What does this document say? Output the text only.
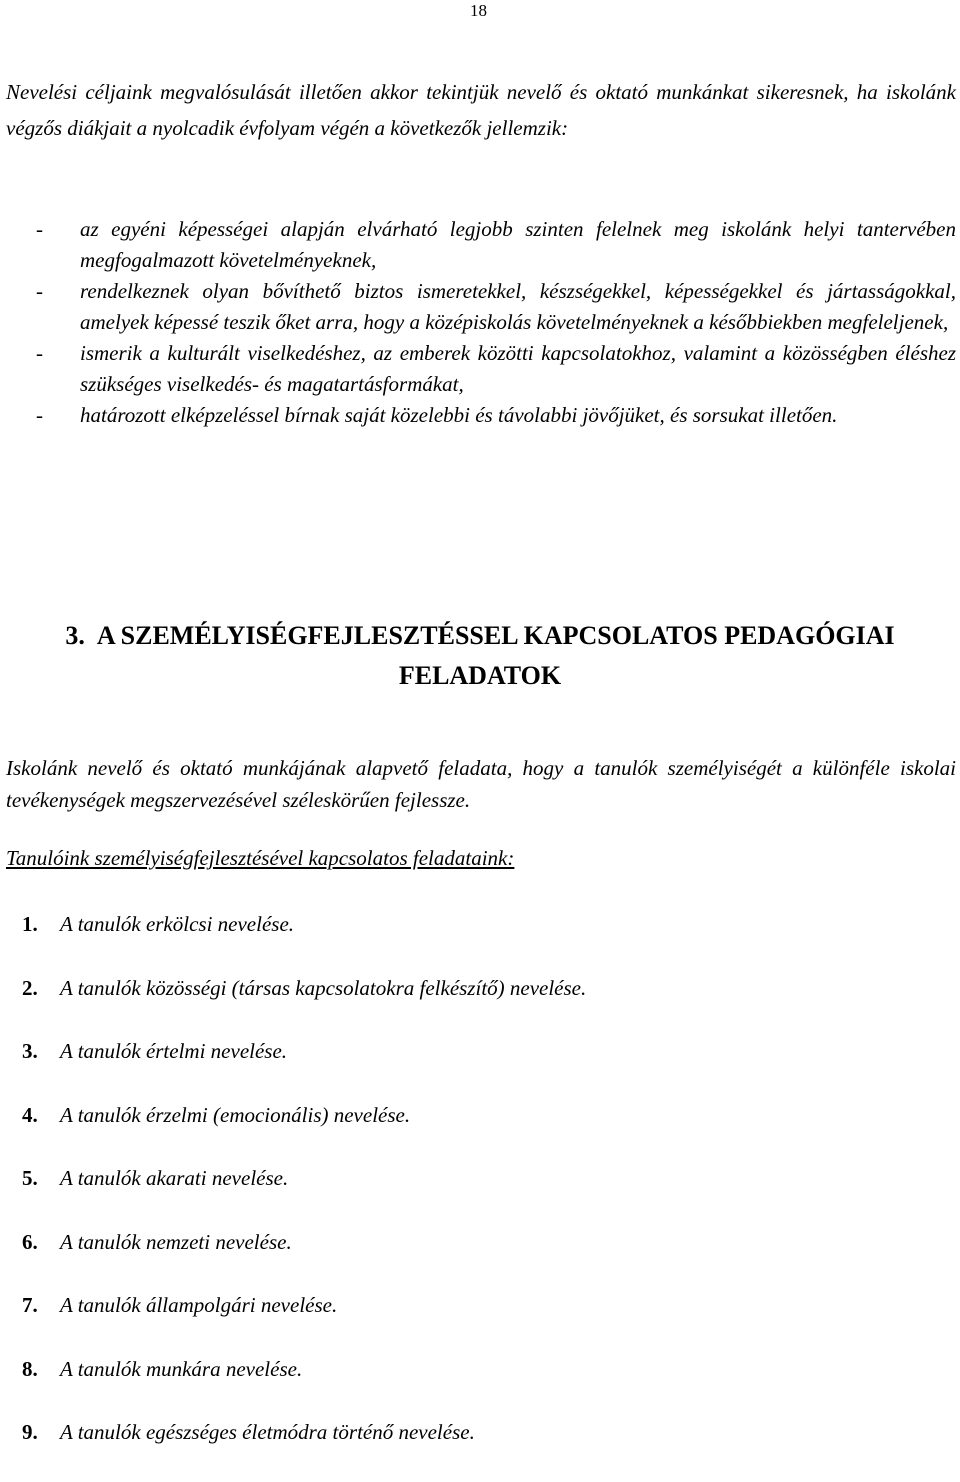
18

Nevelési céljaink megvalósulását illetően akkor tekintjük nevelő és oktató munkánkat sikeresnek, ha iskolánk végzős diákjait a nyolcadik évfolyam végén a következők jellemzik:

- az egyéni képességei alapján elvárható legjobb szinten felelnek meg iskolánk helyi tantervében megfogalmazott követelményeknek,
- rendelkeznek olyan bővíthető biztos ismeretekkel, készségekkel, képességekkel és jártasságokkal, amelyek képessé teszik őket arra, hogy a középiskolás követelményeknek a későbbiekben megfeleljenek,
- ismerik a kulturált viselkedéshez, az emberek közötti kapcsolatokhoz, valamint a közösségben éléshez szükséges viselkedés- és magatartásformákat,
- határozott elképzeléssel bírnak saját közelebbi és távolabbi jövőjüket, és sorsukat illetően.
3. A SZEMÉLYISÉGFEJLESZTÉSSEL KAPCSOLATOS PEDAGÓGIAI
FELADATOK

Iskolánk nevelő és oktató munkájának alapvető feladata, hogy a tanulók személyiségét a különféle iskolai tevékenységek megszervezésével széleskörűen fejlessze.

Tanulóink személyiségfejlesztésével kapcsolatos feladataink:
1.	A tanulók erkölcsi nevelése.
2.	A tanulók közösségi (társas kapcsolatokra felkészítő) nevelése.
3.	A tanulók értelmi nevelése.
4.	A tanulók érzelmi (emocionális) nevelése.
5.	A tanulók akarati nevelése.
6.	A tanulók nemzeti nevelése.
7.	A tanulók állampolgári nevelése.
8.	A tanulók munkára nevelése.
9.	A tanulók egészséges életmódra történő nevelése.
